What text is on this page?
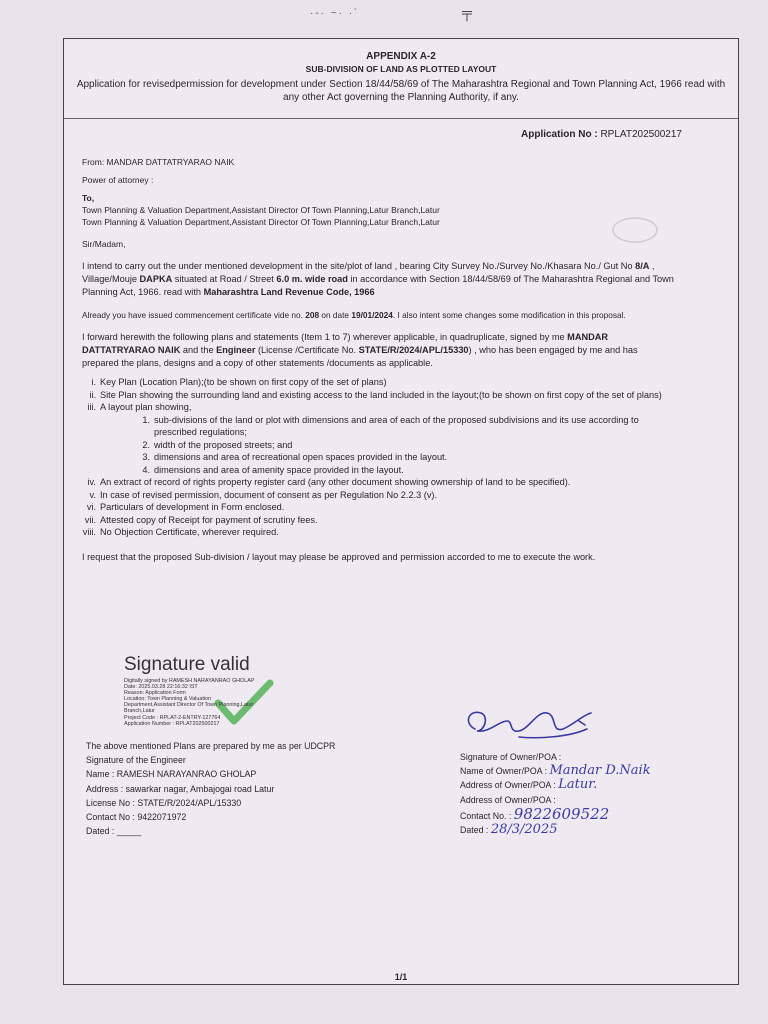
·-· ~· ·´	╤
APPENDIX A-2
SUB-DIVISION OF LAND AS PLOTTED LAYOUT
Application for revisedpermission for development under Section 18/44/58/69 of The Maharashtra Regional and Town Planning Act, 1966 read with any other Act governing the Planning Authority, if any.
Application No : RPLAT202500217

From: MANDAR DATTATRYARAO NAIK

Power of attorney :

To,

Town Planning & Valuation Department,Assistant Director Of Town Planning,Latur Branch,Latur

Town Planning & Valuation Department,Assistant Director Of Town Planning,Latur Branch,Latur

Sir/Madam,

I intend to carry out the under mentioned development in the site/plot of land , bearing City Survey No./Survey No./Khasara No./ Gut No 8/A , Village/Mouje DAPKA situated at Road / Street 6.0 m. wide road in accordance with Section 18/44/58/69 of The Maharashtra Regional and Town Planning Act, 1966. read with Maharashtra Land Revenue Code, 1966

Already you have issued commencement certificate vide no. 208 on date 19/01/2024. I also intent some changes some modification in this proposal.

I forward herewith the following plans and statements (Item 1 to 7) wherever applicable, in quadruplicate, signed by me MANDAR DATTATRYARAO NAIK and the Engineer (License /Certificate No. STATE/R/2024/APL/15330) , who has been engaged by me and has prepared the plans, designs and a copy of other statements /documents as applicable.

i. Key Plan (Location Plan);(to be shown on first copy of the set of plans)
ii. Site Plan showing the surrounding land and existing access to the land included in the layout;(to be shown on first copy of the set of plans)
iii. A layout plan showing,
1. sub-divisions of the land or plot with dimensions and area of each of the proposed subdivisions and its use according to prescribed regulations;
2. width of the proposed streets; and
3. dimensions and area of recreational open spaces provided in the layout.
4. dimensions and area of amenity space provided in the layout.
iv. An extract of record of rights property register card (any other document showing ownership of land to be specified).
v. In case of revised permission, document of consent as per Regulation No 2.2.3 (v).
vi. Particulars of development in Form enclosed.
vii. Attested copy of Receipt for payment of scrutiny fees.
viii. No Objection Certificate, wherever required.

I request that the proposed Sub-division / layout may please be approved and permission accorded to me to execute the work.

Signature valid
Digitally signed by RAMESH NARAYANRAO GHOLAP
Date: 2025.03.28 22:16:32 IST
Reason: Application Form
Location: Town Planning & Valuation
Department,Assistant Director Of Town Planning,Latur
Branch,Latur
Project Code : RPLAT-2-ENTRY-127764
Application Number : RPLAT202500217
The above mentioned Plans are prepared by me as per UDCPR
Signature of the Engineer
Name : RAMESH NARAYANRAO GHOLAP
Address : sawarkar nagar, Ambajogai road Latur
License No : STATE/R/2024/APL/15330
Contact No : 9422071972
Dated : _____
Signature of Owner/POA :
Name of Owner/POA : Mandar D.Naik
Address of Owner/POA : Latur.
Address of Owner/POA :
Contact No. : 9822609522
Dated : 28/3/2025
1/1
